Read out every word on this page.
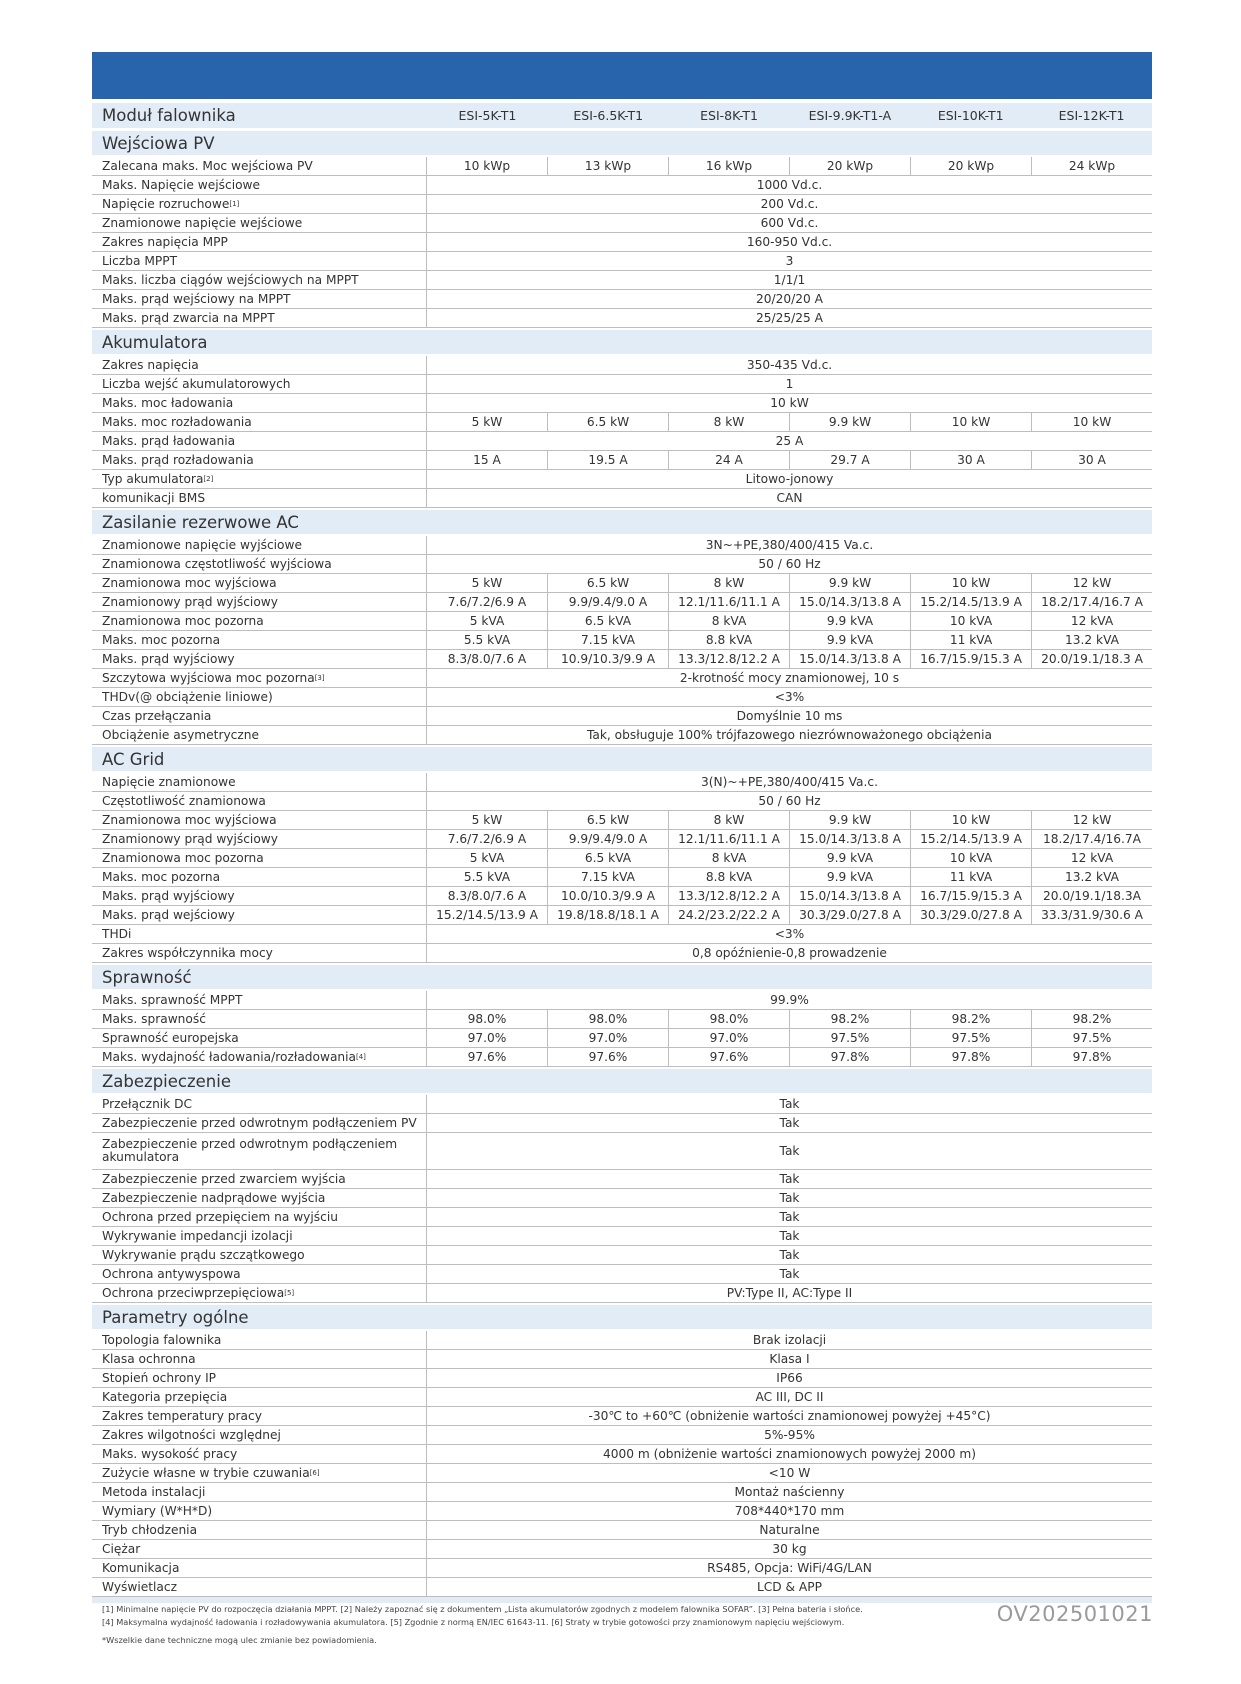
Moduł falownika	ESI-5K-T1	ESI-6.5K-T1	ESI-8K-T1	ESI-9.9K-T1-A	ESI-10K-T1	ESI-12K-T1
Wejściowa PV
Zalecana maks. Moc wejściowa PV	10 kWp	13 kWp	16 kWp	20 kWp	20 kWp	24 kWp
Maks. Napięcie wejściowe	1000 Vd.c.
Napięcie rozruchowe [1]	200 Vd.c.
Znamionowe napięcie wejściowe	600 Vd.c.
Zakres napięcia MPP	160-950 Vd.c.
Liczba MPPT	3
Maks. liczba ciągów wejściowych na MPPT	1/1/1
Maks. prąd wejściowy na MPPT	20/20/20 A
Maks. prąd zwarcia na MPPT	25/25/25 A
Akumulatora
Zakres napięcia	350-435 Vd.c.
Liczba wejść akumulatorowych	1
Maks. moc ładowania	10 kW
Maks. moc rozładowania	5 kW	6.5 kW	8 kW	9.9 kW	10 kW	10 kW
Maks. prąd ładowania	25 A
Maks. prąd rozładowania	15 A	19.5 A	24 A	29.7 A	30 A	30 A
Typ akumulatora [2]	Litowo-jonowy
komunikacji BMS	CAN
Zasilanie rezerwowe AC
Znamionowe napięcie wyjściowe	3N~+PE,380/400/415 Va.c.
Znamionowa częstotliwość wyjściowa	50 / 60 Hz
Znamionowa moc wyjściowa	5 kW	6.5 kW	8 kW	9.9 kW	10 kW	12 kW
Znamionowy prąd wyjściowy	7.6/7.2/6.9 A	9.9/9.4/9.0 A	12.1/11.6/11.1 A	15.0/14.3/13.8 A	15.2/14.5/13.9 A	18.2/17.4/16.7 A
Znamionowa moc pozorna	5 kVA	6.5 kVA	8 kVA	9.9 kVA	10 kVA	12 kVA
Maks. moc pozorna	5.5 kVA	7.15 kVA	8.8 kVA	9.9 kVA	11 kVA	13.2 kVA
Maks. prąd wyjściowy	8.3/8.0/7.6 A	10.9/10.3/9.9 A	13.3/12.8/12.2 A	15.0/14.3/13.8 A	16.7/15.9/15.3 A	20.0/19.1/18.3 A
Szczytowa wyjściowa moc pozorna [3]	2-krotność mocy znamionowej, 10 s
THDv(@ obciążenie liniowe)	<3%
Czas przełączania	Domyślnie 10 ms
Obciążenie asymetryczne	Tak, obsługuje 100% trójfazowego niezrównoważonego obciążenia
AC Grid
Napięcie znamionowe	3(N)~+PE,380/400/415 Va.c.
Częstotliwość znamionowa	50 / 60 Hz
Znamionowa moc wyjściowa	5 kW	6.5 kW	8 kW	9.9 kW	10 kW	12 kW
Znamionowy prąd wyjściowy	7.6/7.2/6.9 A	9.9/9.4/9.0 A	12.1/11.6/11.1 A	15.0/14.3/13.8 A	15.2/14.5/13.9 A	18.2/17.4/16.7A
Znamionowa moc pozorna	5 kVA	6.5 kVA	8 kVA	9.9 kVA	10 kVA	12 kVA
Maks. moc pozorna	5.5 kVA	7.15 kVA	8.8 kVA	9.9 kVA	11 kVA	13.2 kVA
Maks. prąd wyjściowy	8.3/8.0/7.6 A	10.0/10.3/9.9 A	13.3/12.8/12.2 A	15.0/14.3/13.8 A	16.7/15.9/15.3 A	20.0/19.1/18.3A
Maks. prąd wejściowy	15.2/14.5/13.9 A	19.8/18.8/18.1 A	24.2/23.2/22.2 A	30.3/29.0/27.8 A	30.3/29.0/27.8 A	33.3/31.9/30.6 A
THDi	<3%
Zakres współczynnika mocy	0,8 opóźnienie-0,8 prowadzenie
Sprawność
Maks. sprawność MPPT	99.9%
Maks. sprawność	98.0%	98.0%	98.0%	98.2%	98.2%	98.2%
Sprawność europejska	97.0%	97.0%	97.0%	97.5%	97.5%	97.5%
Maks. wydajność ładowania/rozładowania [4]	97.6%	97.6%	97.6%	97.8%	97.8%	97.8%
Zabezpieczenie
Przełącznik DC	Tak
Zabezpieczenie przed odwrotnym podłączeniem PV	Tak
Zabezpieczenie przed odwrotnym podłączeniem akumulatora	Tak
Zabezpieczenie przed zwarciem wyjścia	Tak
Zabezpieczenie nadprądowe wyjścia	Tak
Ochrona przed przepięciem na wyjściu	Tak
Wykrywanie impedancji izolacji	Tak
Wykrywanie prądu szczątkowego	Tak
Ochrona antywyspowa	Tak
Ochrona przeciwprzepięciowa [5]	PV:Type II, AC:Type II
Parametry ogólne
Topologia falownika	Brak izolacji
Klasa ochronna	Klasa I
Stopień ochrony IP	IP66
Kategoria przepięcia	AC III, DC II
Zakres temperatury pracy	-30℃ to +60℃ (obniżenie wartości znamionowej powyżej +45°C)
Zakres wilgotności względnej	5%-95%
Maks. wysokość pracy	4000 m (obniżenie wartości znamionowych powyżej 2000 m)
Zużycie własne w trybie czuwania [6]	<10 W
Metoda instalacji	Montaż naścienny
Wymiary (W*H*D)	708*440*170 mm
Tryb chłodzenia	Naturalne
Ciężar	30 kg
Komunikacja	RS485, Opcja: WiFi/4G/LAN
Wyświetlacz	LCD & APP
[1] Minimalne napięcie PV do rozpoczęcia działania MPPT. [2] Należy zapoznać się z dokumentem „Lista akumulatorów zgodnych z modelem falownika SOFAR”. [3] Pełna bateria i słońce.
[4] Maksymalna wydajność ładowania i rozładowywania akumulatora. [5] Zgodnie z normą EN/IEC 61643-11. [6] Straty w trybie gotowości przy znamionowym napięciu wejściowym.
*Wszelkie dane techniczne mogą ulec zmianie bez powiadomienia.
OV202501021
